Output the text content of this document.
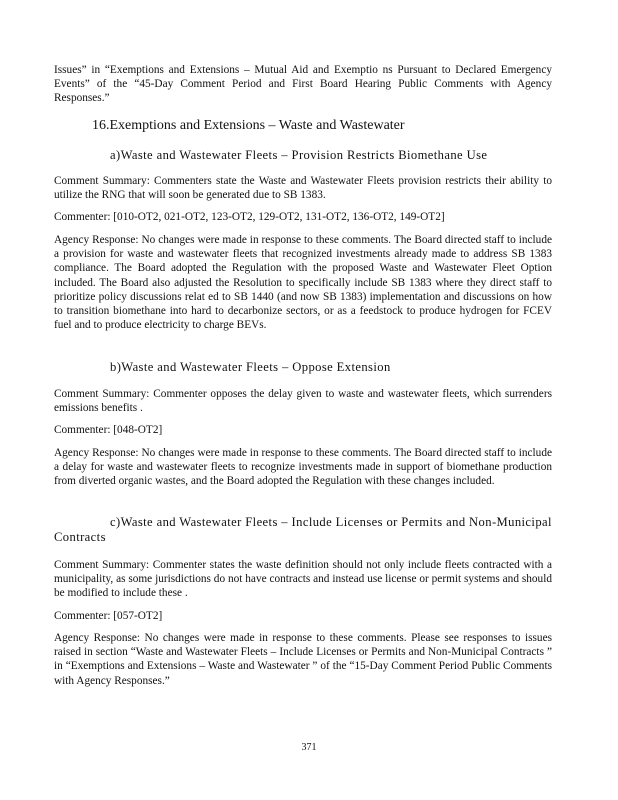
Issues” in “Exemptions and Extensions – Mutual Aid and Exemptio ns Pursuant to Declared Emergency Events” of the “45-Day Comment Period and First Board Hearing Public Comments with Agency Responses.”

16.Exemptions and Extensions – Waste and Wastewater
a)Waste and Wastewater Fleets – Provision Restricts Biomethane Use

Comment Summary: Commenters state the Waste and Wastewater Fleets provision restricts their ability to utilize the RNG that will soon be generated due to SB 1383.

Commenter: [010-OT2, 021-OT2, 123-OT2, 129-OT2, 131-OT2, 136-OT2, 149-OT2]

Agency Response: No changes were made in response to these comments. The Board directed staff to include a provision for waste and wastewater fleets that recognized investments already made to address SB 1383 compliance. The Board adopted the Regulation with the proposed Waste and Wastewater Fleet Option included. The Board also adjusted the Resolution to specifically include SB 1383 where they direct staff to prioritize policy discussions relat ed to SB 1440 (and now SB 1383) implementation and discussions on how to transition biomethane into hard to decarbonize sectors, or as a feedstock to produce hydrogen for FCEV fuel and to produce electricity to charge BEVs.

b)Waste and Wastewater Fleets – Oppose Extension

Comment Summary: Commenter opposes the delay given to waste and wastewater fleets, which surrenders emissions benefits .

Commenter: [048-OT2]

Agency Response: No changes were made in response to these comments. The Board directed staff to include a delay for waste and wastewater fleets to recognize investments made in support of biomethane production from diverted organic wastes, and the Board adopted the Regulation with these changes included.

c)Waste and Wastewater Fleets – Include Licenses or Permits and Non-Municipal Contracts

Comment Summary: Commenter states the waste definition should not only include fleets contracted with a municipality, as some jurisdictions do not have contracts and instead use license or permit systems and should be modified to include these .

Commenter: [057-OT2]

Agency Response: No changes were made in response to these comments. Please see responses to issues raised in section “Waste and Wastewater Fleets – Include Licenses or Permits and Non-Municipal Contracts ” in “Exemptions and Extensions – Waste and Wastewater ” of the “15-Day Comment Period Public Comments with Agency Responses.”

371
